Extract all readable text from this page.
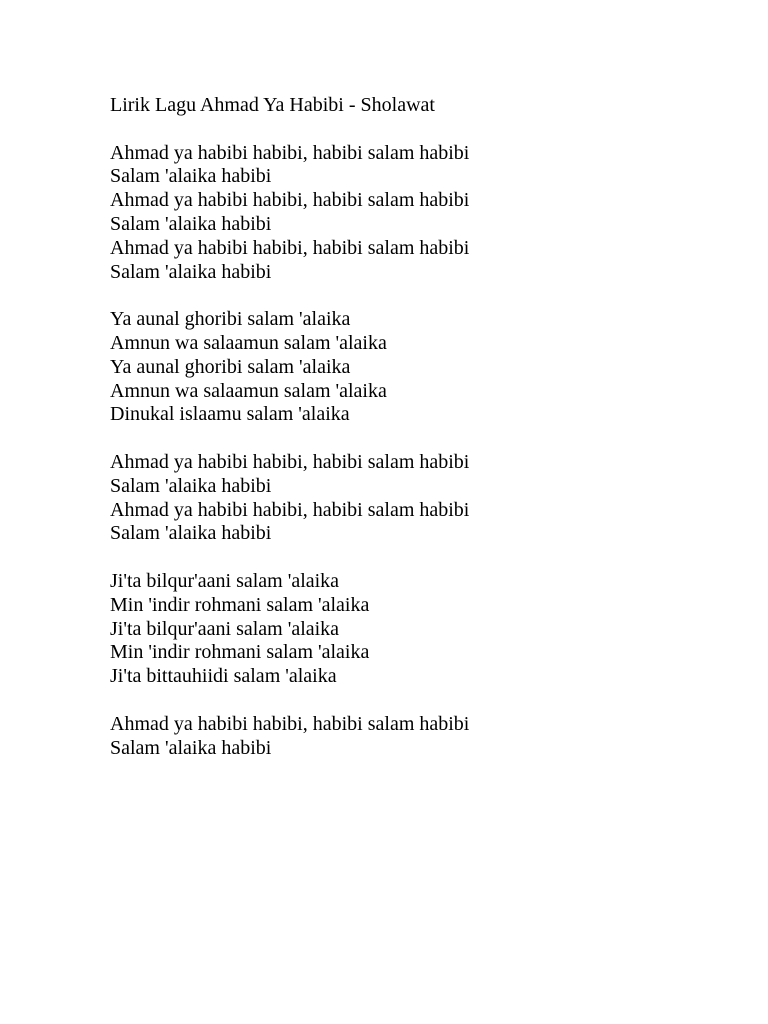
Lirik Lagu Ahmad Ya Habibi - Sholawat
Ahmad ya habibi habibi, habibi salam habibi
Salam 'alaika habibi
Ahmad ya habibi habibi, habibi salam habibi
Salam 'alaika habibi
Ahmad ya habibi habibi, habibi salam habibi
Salam 'alaika habibi
Ya aunal ghoribi salam 'alaika
Amnun wa salaamun salam 'alaika
Ya aunal ghoribi salam 'alaika
Amnun wa salaamun salam 'alaika
Dinukal islaamu salam 'alaika
Ahmad ya habibi habibi, habibi salam habibi
Salam 'alaika habibi
Ahmad ya habibi habibi, habibi salam habibi
Salam 'alaika habibi
Ji'ta bilqur'aani salam 'alaika
Min 'indir rohmani salam 'alaika
Ji'ta bilqur'aani salam 'alaika
Min 'indir rohmani salam 'alaika
Ji'ta bittauhiidi salam 'alaika
Ahmad ya habibi habibi, habibi salam habibi
Salam 'alaika habibi
